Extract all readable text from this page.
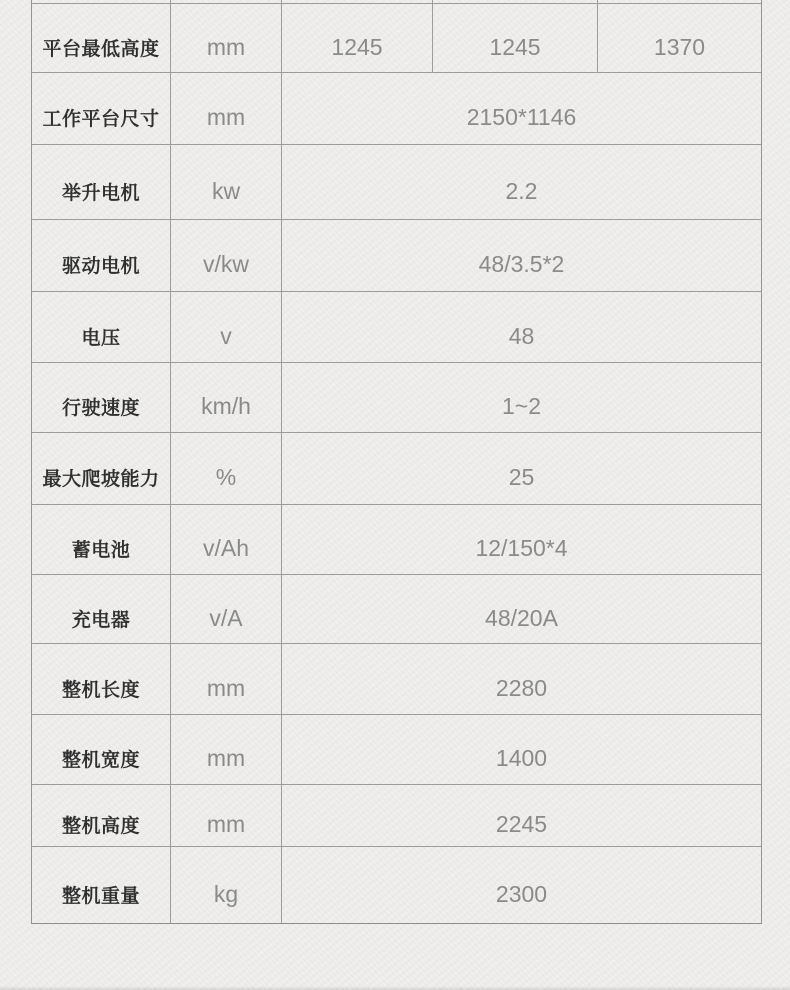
平台最低高度	mm	1245	1245	1370
工作平台尺寸	mm	2150*1146
举升电机	kw	2.2
驱动电机	v/kw	48/3.5*2
电压	v	48
行驶速度	km/h	1~2
最大爬坡能力	%	25
蓄电池	v/Ah	12/150*4
充电器	v/A	48/20A
整机长度	mm	2280
整机宽度	mm	1400
整机高度	mm	2245
整机重量	kg	2300
